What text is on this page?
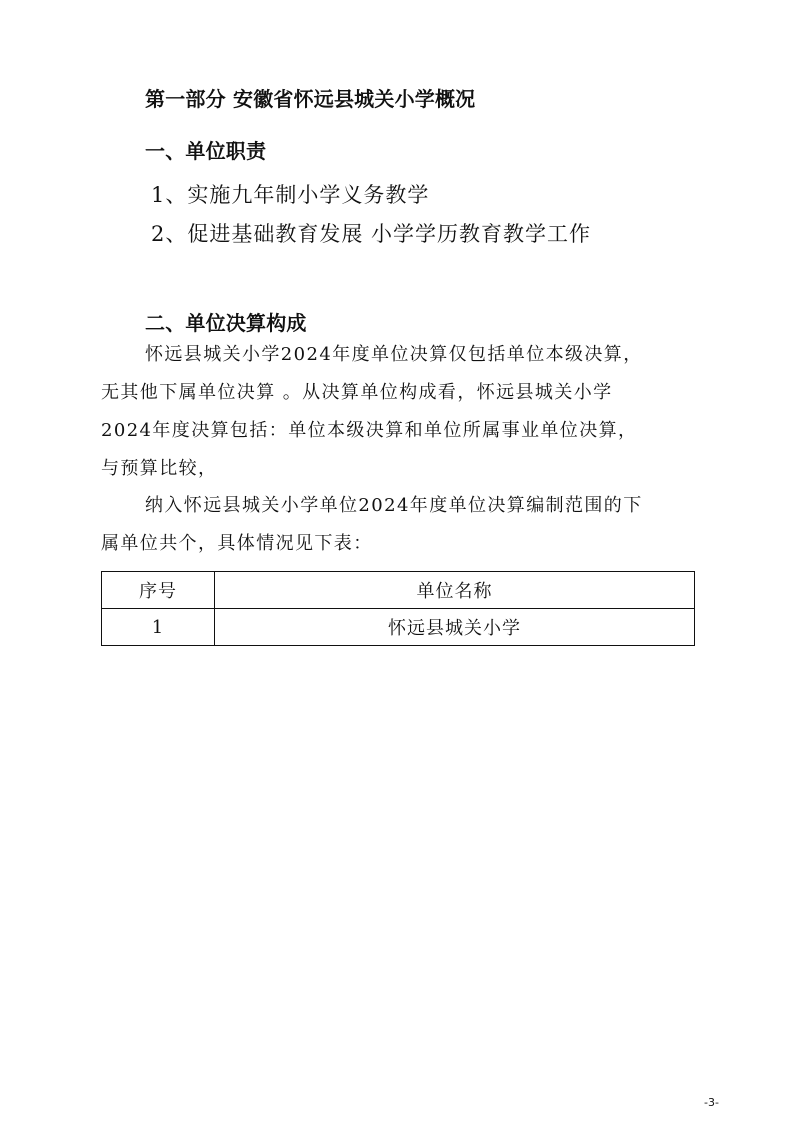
第一部分 安徽省怀远县城关小学概况
一、单位职责
1、实施九年制小学义务教学
2、促进基础教育发展 小学学历教育教学工作
二、单位决算构成
怀远县城关小学2024年度单位决算仅包括单位本级决算，
无其他下属单位决算 。从决算单位构成看，怀远县城关小学
2024年度决算包括：单位本级决算和单位所属事业单位决算，
与预算比较，
纳入怀远县城关小学单位2024年度单位决算编制范围的下
属单位共个，具体情况见下表：
序号	单位名称
1	怀远县城关小学
-3-
